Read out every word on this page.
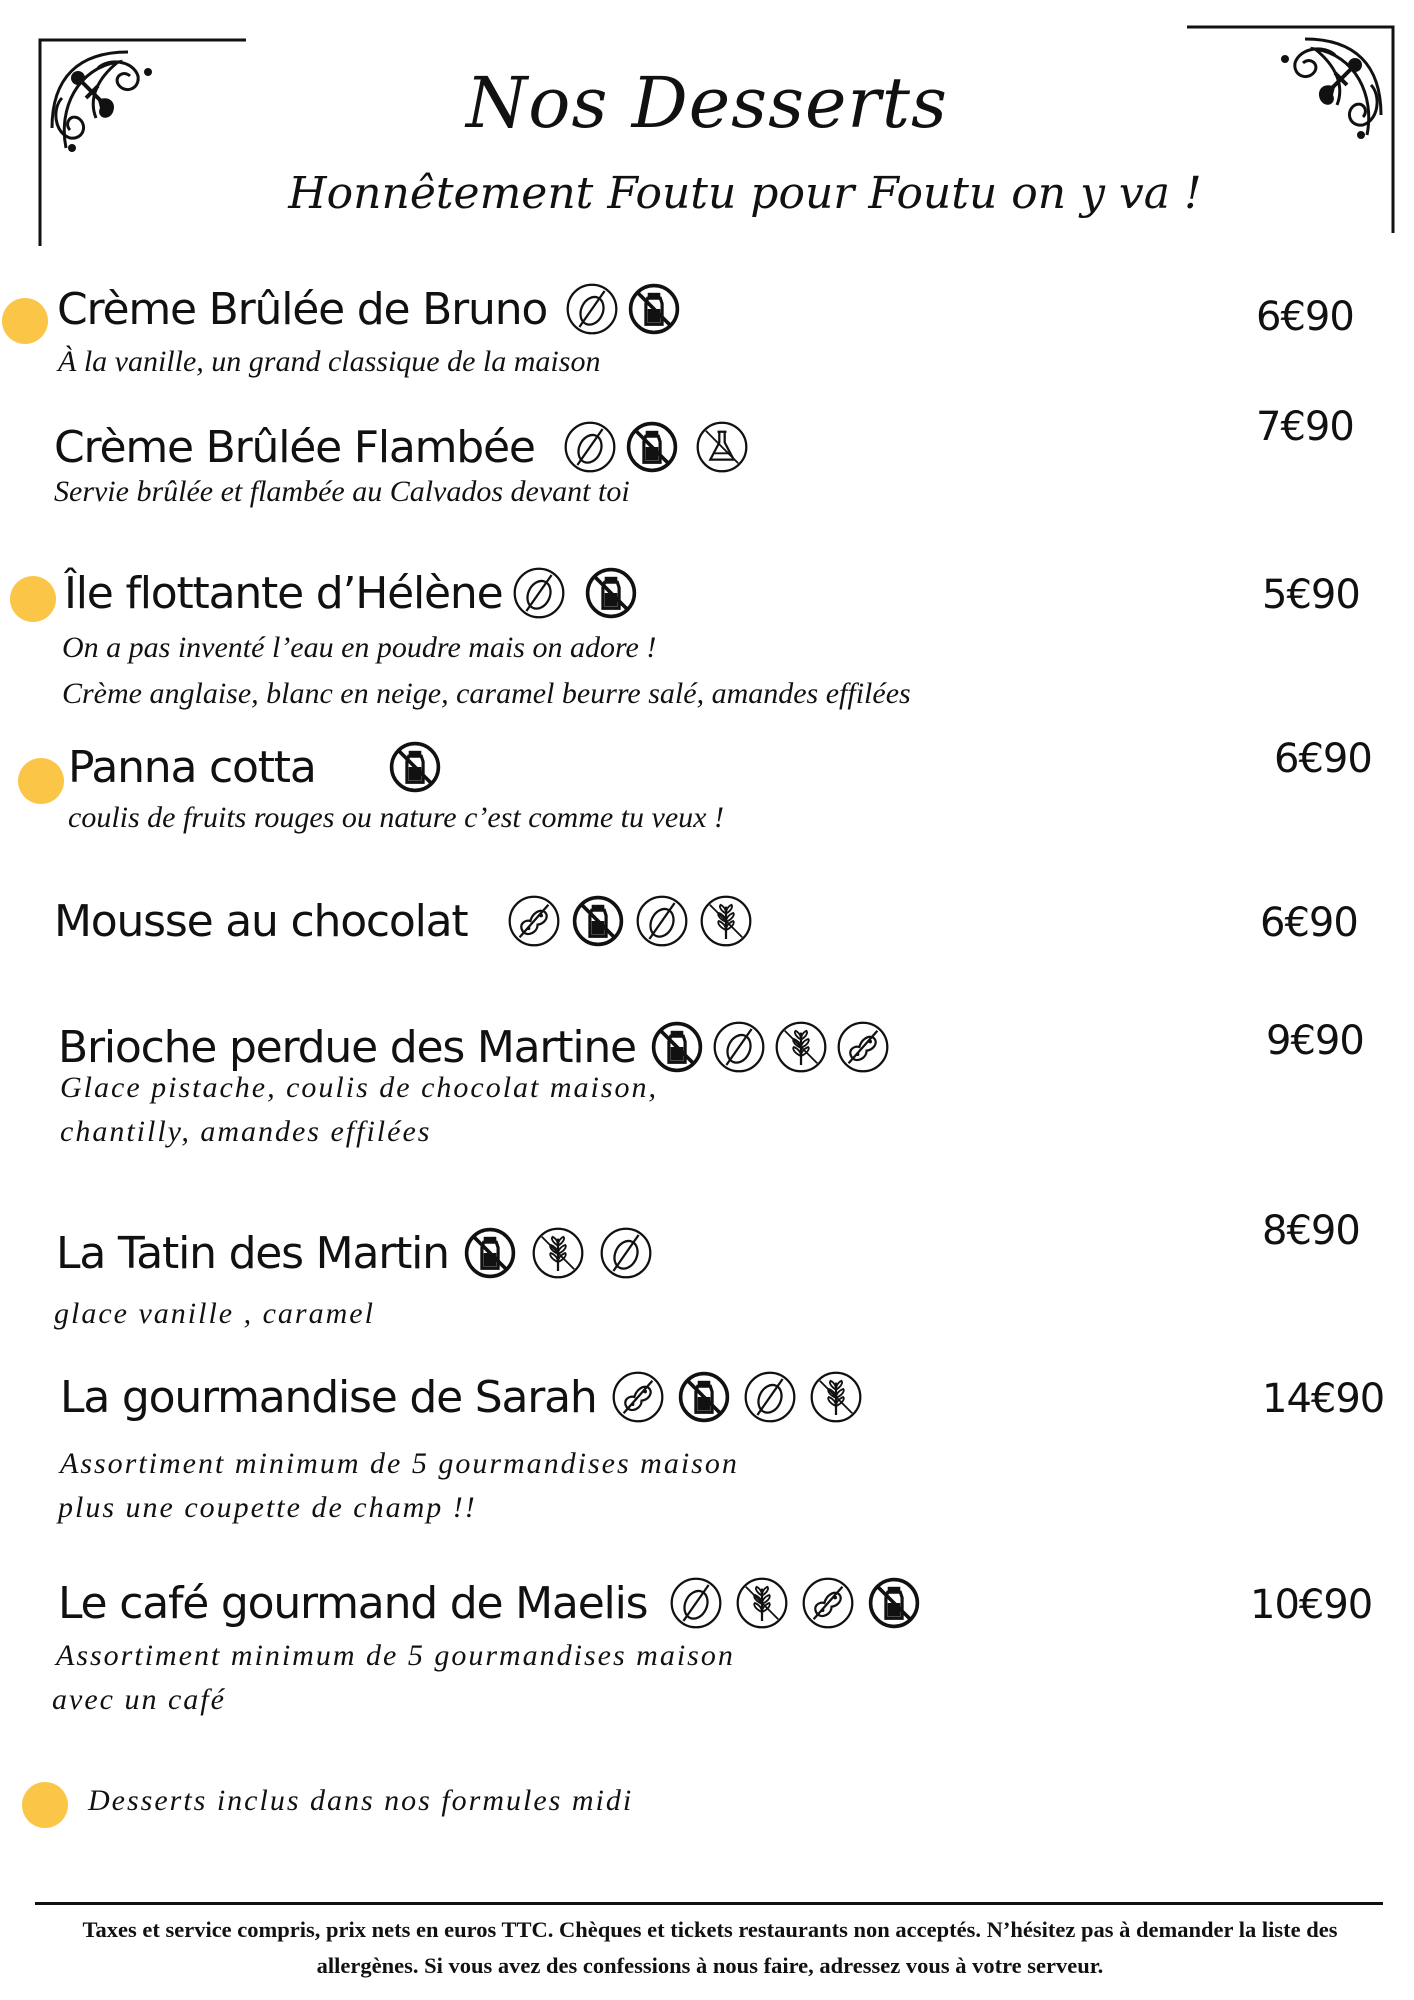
Nos Desserts
Honnêtement Foutu pour Foutu on y va !
Crème Brûlée de Bruno
À la vanille, un grand classique de la maison
6€90
Crème Brûlée Flambée
Servie brûlée et flambée au Calvados devant toi
7€90
Île flottante d’Hélène
On a pas inventé l’eau en poudre mais on adore !
Crème anglaise, blanc en neige, caramel beurre salé, amandes effilées
5€90
Panna cotta
coulis de fruits rouges ou nature c’est comme tu veux !
6€90
Mousse au chocolat	6€90
Brioche perdue des Martine
Glace pistache, coulis de chocolat maison,
chantilly, amandes effilées
9€90
La Tatin des Martin
glace vanille , caramel
8€90
La gourmandise de Sarah
Assortiment minimum de 5 gourmandises maison
plus une coupette de champ !!
14€90
Le café gourmand de Maelis
Assortiment minimum de 5 gourmandises maison
avec un café
10€90
Desserts inclus dans nos formules midi
Taxes et service compris, prix nets en euros TTC. Chèques et tickets restaurants non acceptés. N’hésitez pas à demander la liste des allergènes. Si vous avez des confessions à nous faire, adressez vous à votre serveur.
